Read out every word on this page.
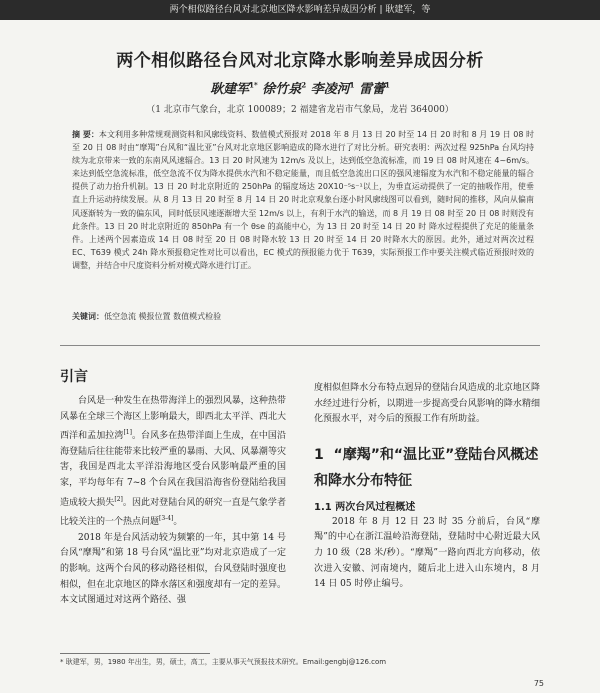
两个相似路径台风对北京地区降水影响差异成因分析 | 耿建军，等
两个相似路径台风对北京降水影响差异成因分析
耿建军$^{1*}$ 徐竹泉$^2$ 李凌河$^1$ 雷蕾$^1$
（1 北京市气象台，北京 100089；2 福建省龙岩市气象局，龙岩 364000）
摘 要：本文利用多种常规观测资料和风廓线资料、数值模式预报对 2018 年 8 月 13 日 20 时至 14 日 20 时和 8 月 19 日 08 时至 20 日 08 时由“摩羯”台风和“温比亚”台风对北京地区影响造成的降水进行了对比分析。研究表明：两次过程 925hPa 台风均持续为北京带来一致的东南风风速辐合。13 日 20 时风速为 12m/s 及以上，达到低空急流标准，而 19 日 08 时风速在 4~6m/s。来达到低空急流标准，低空急流不仅为降水提供水汽和不稳定能量，而且低空急流出口区的强风速辐度为水汽和不稳定能量的辐合提供了动力抬升机制。13 日 20 时北京附近的 250hPa 的辐度场达 20X10⁻⁵s⁻¹以上，为垂直运动提供了一定的抽吸作用，使垂直上升运动持续发展。从 8 月 13 日 20 时至 8 月 14 日 20 时北京观象台逐小时风廓线图可以看到，随时间的推移，风向从偏南风逐渐转为一致的偏东风，同时低层风速逐渐增大至 12m/s 以上，有利于水汽的输送，而 8 月 19 日 08 时至 20 日 08 时则没有此条件。13 日 20 时北京附近的 850hPa 有一个 θse 的高能中心，为 13 日 20 时至 14 日 20 时 降水过程提供了充足的能量条件。上述两个因素造成 14 日 08 时至 20 日 08 时降水较 13 日 20 时至 14 日 20 时降水大的原因。此外，通过对两次过程 EC、T639 模式 24h 降水预报稳定性对比可以看出，EC 模式的预报能力优于 T639，实际预报工作中要关注模式临近预报时效的调整，并结合中尺度资料分析对模式降水进行订正。
关键词：低空急流 模报位置 数值模式检验
引言

台风是一种发生在热带海洋上的强烈风暴，这种热带风暴在全球三个海区上影响最大，即西北太平洋、西北大西洋和孟加拉湾[1]。台风多在热带洋面上生成，在中国沿海登陆后往往能带来比较严重的暴雨、大风、风暴潮等灾害，我国是西北太平洋沿海地区受台风影响最严重的国家，平均每年有 7~8 个台风在我国沿海省份登陆给我国造成较大损失[2]。因此对登陆台风的研究一直是气象学者比较关注的一个热点问题[3-4]。

2018 年是台风活动较为频繁的一年，其中第 14 号台风“摩羯”和第 18 号台风“温比亚”均对北京造成了一定的影响。这两个台风的移动路径相似，台风登陆时强度也相似，但在北京地区的降水落区和强度却有一定的差异。本文试图通过对这两个路径、强

度相似但降水分布特点迥异的登陆台风造成的北京地区降水经过进行分析，以期进一步提高受台风影响的降水精细化预报水平，对今后的预报工作有所助益。

1 “摩羯”和“温比亚”登陆台风概述和降水分布特征
1.1 两次台风过程概述

2018 年 8 月 12 日 23 时 35 分前后，台风“摩羯”的中心在浙江温岭沿海登陆，登陆时中心附近最大风力 10 级（28 米/秒）。“摩羯”一路向西北方向移动，依次进入安徽、河南境内，随后北上进入山东境内，8 月 14 日 05 时停止编号。

* 耿建军，男，1980 年出生，男，硕士，高工，主要从事天气预报技术研究。Email:gengbj@126.com
75
